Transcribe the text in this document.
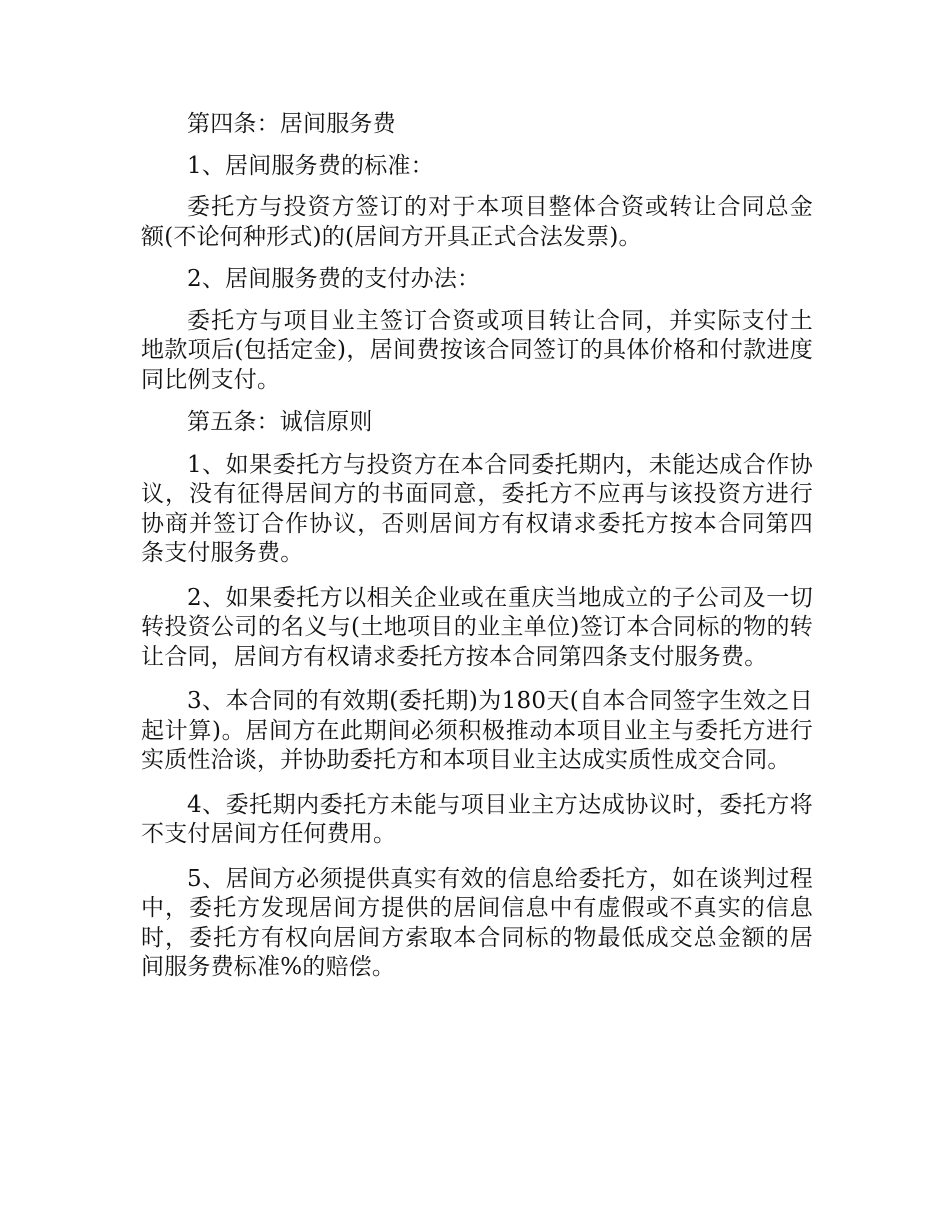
第四条：居间服务费

1、居间服务费的标准：

委托方与投资方签订的对于本项目整体合资或转让合同总金额(不论何种形式)的(居间方开具正式合法发票)。

2、居间服务费的支付办法：

委托方与项目业主签订合资或项目转让合同，并实际支付土地款项后(包括定金)，居间费按该合同签订的具体价格和付款进度同比例支付。

第五条：诚信原则

1、如果委托方与投资方在本合同委托期内，未能达成合作协议，没有征得居间方的书面同意，委托方不应再与该投资方进行协商并签订合作协议，否则居间方有权请求委托方按本合同第四条支付服务费。

2、如果委托方以相关企业或在重庆当地成立的子公司及一切转投资公司的名义与(土地项目的业主单位)签订本合同标的物的转让合同，居间方有权请求委托方按本合同第四条支付服务费。

3、本合同的有效期(委托期)为180天(自本合同签字生效之日起计算)。居间方在此期间必须积极推动本项目业主与委托方进行实质性洽谈，并协助委托方和本项目业主达成实质性成交合同。

4、委托期内委托方未能与项目业主方达成协议时，委托方将不支付居间方任何费用。

5、居间方必须提供真实有效的信息给委托方，如在谈判过程中，委托方发现居间方提供的居间信息中有虚假或不真实的信息时，委托方有权向居间方索取本合同标的物最低成交总金额的居间服务费标准%的赔偿。
